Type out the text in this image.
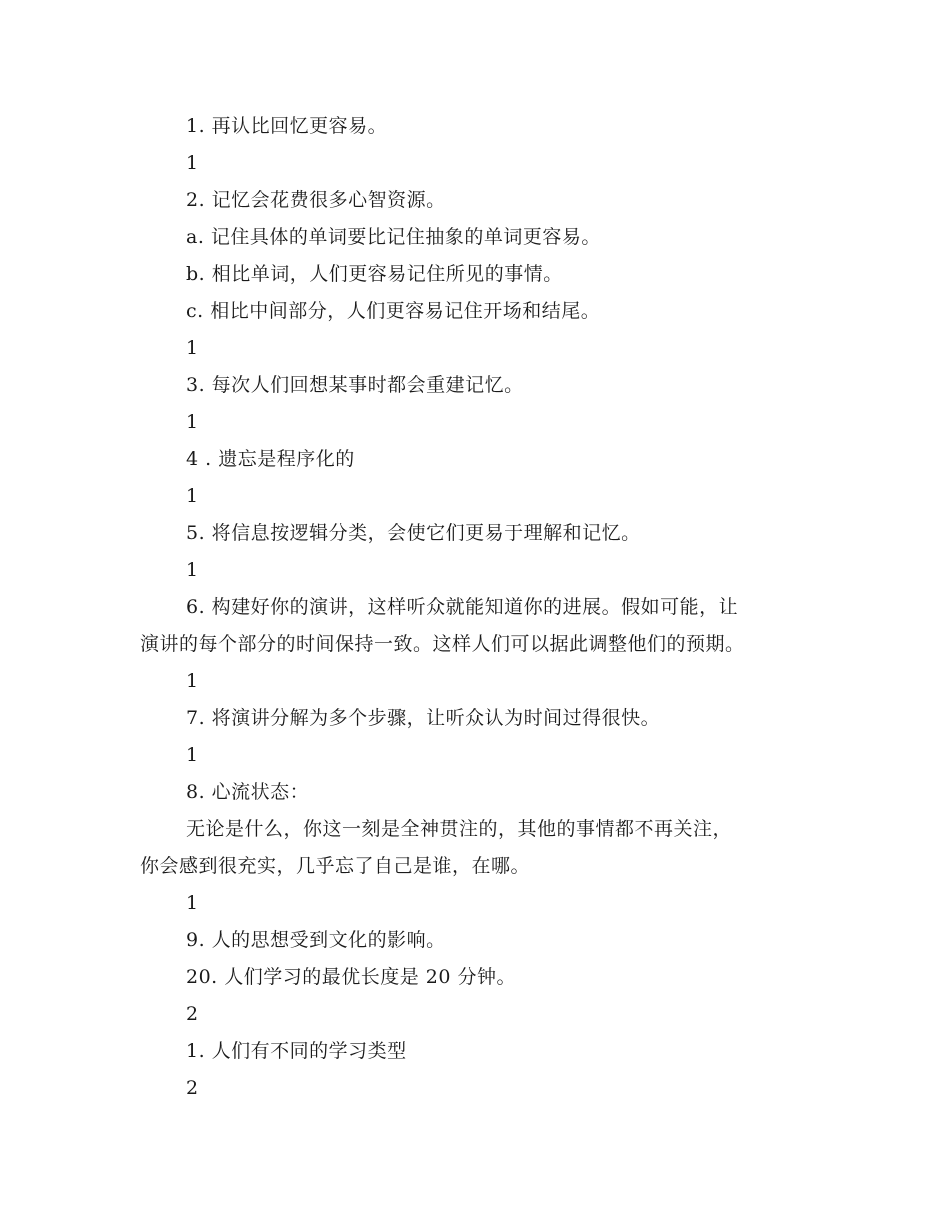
1. 再认比回忆更容易。
1
2. 记忆会花费很多心智资源。
a. 记住具体的单词要比记住抽象的单词更容易。
b. 相比单词，人们更容易记住所见的事情。
c. 相比中间部分，人们更容易记住开场和结尾。
1
3. 每次人们回想某事时都会重建记忆。
1
4 . 遗忘是程序化的
1
5. 将信息按逻辑分类，会使它们更易于理解和记忆。
1
6. 构建好你的演讲，这样听众就能知道你的进展。假如可能，让
演讲的每个部分的时间保持一致。这样人们可以据此调整他们的预期。
1
7. 将演讲分解为多个步骤，让听众认为时间过得很快。
1
8. 心流状态：
无论是什么，你这一刻是全神贯注的，其他的事情都不再关注，
你会感到很充实，几乎忘了自己是谁，在哪。
1
9. 人的思想受到文化的影响。
20. 人们学习的最优长度是 20 分钟。
2
1. 人们有不同的学习类型
2
